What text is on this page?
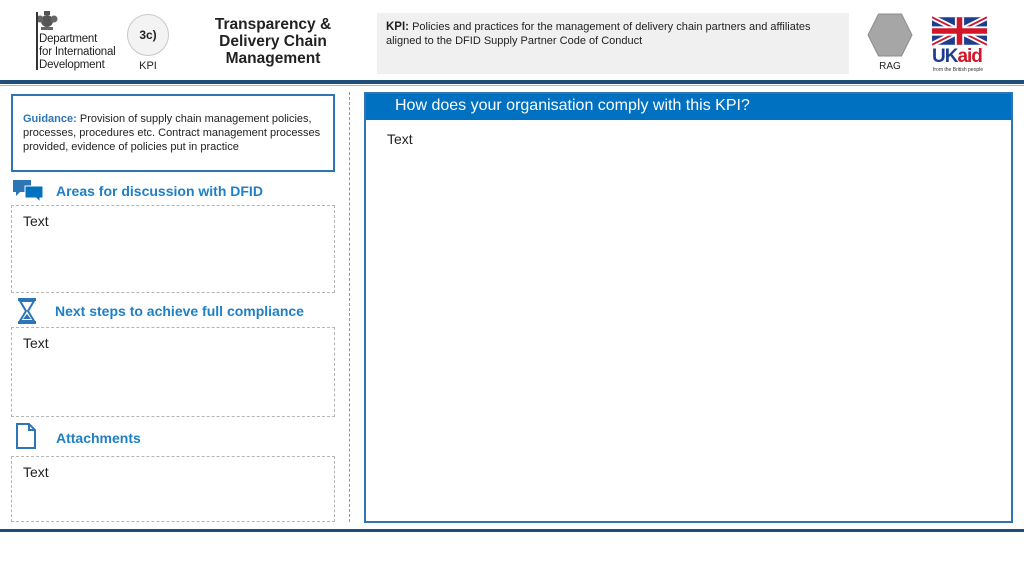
Department
for International
Development
3c)
KPI
Transparency & Delivery Chain Management
KPI: Policies and practices for the management of delivery chain partners and affiliates aligned to the DFID Supply Partner Code of Conduct
RAG	UKaid
from the British people
Guidance: Provision of supply chain management policies, processes, procedures etc. Contract management processes provided, evidence of policies put in practice
Areas for discussion with DFID
Text
Next steps to achieve full compliance
Text
Attachments
Text
How does your organisation comply with this KPI?
Text
